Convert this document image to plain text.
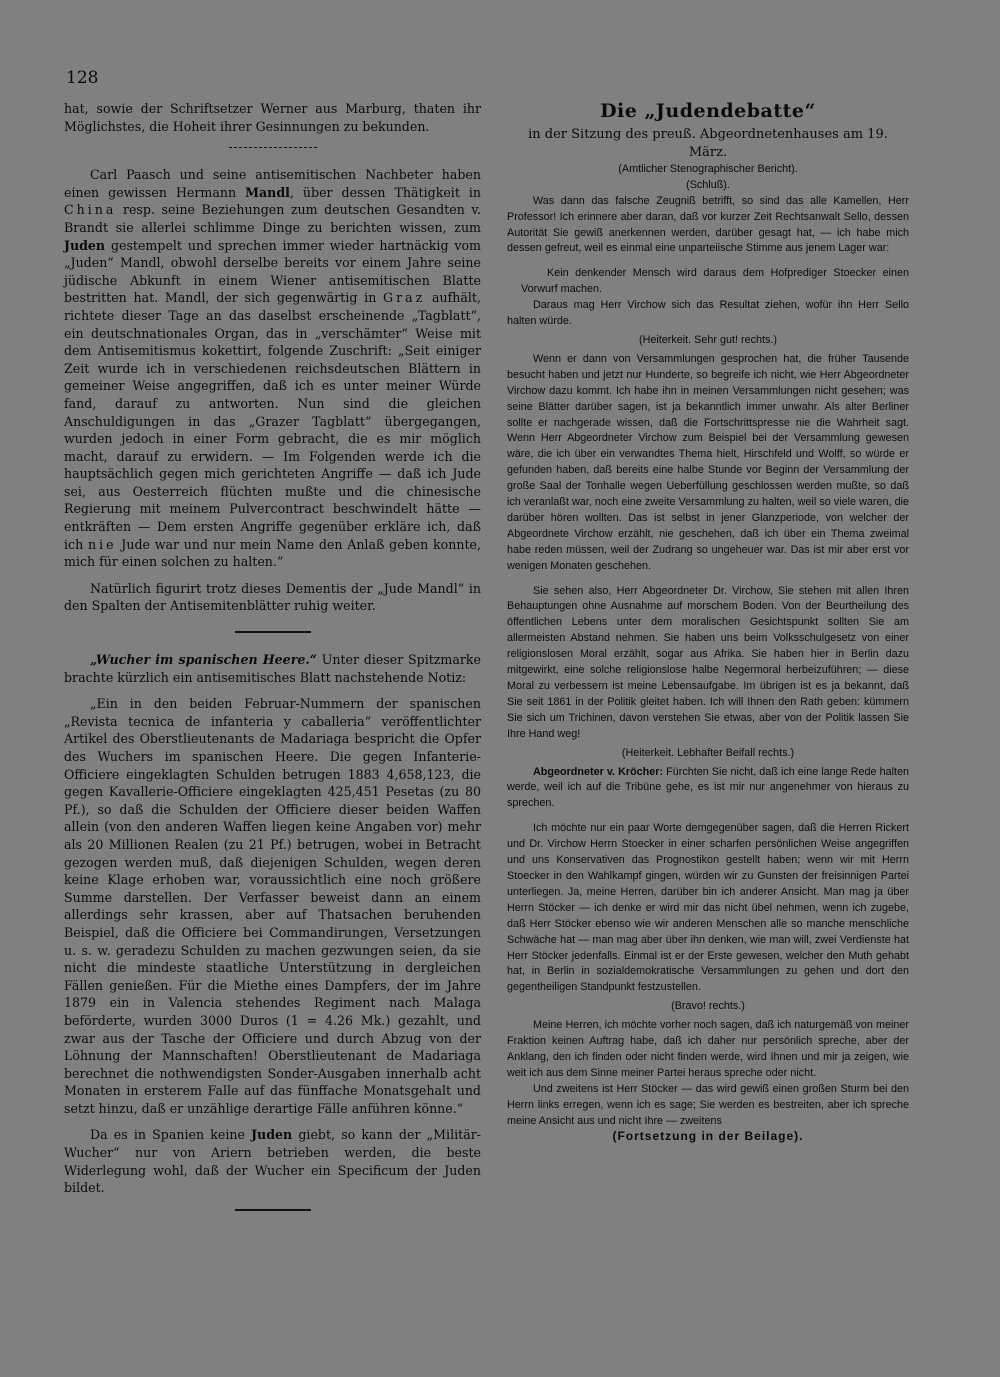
128

hat, sowie der Schriftsetzer Werner aus Marburg, thaten ihr Möglichstes, die Hoheit ihrer Gesinnungen zu bekunden.

Carl Paasch und seine antisemitischen Nachbeter haben einen gewissen Hermann Mandl, über dessen Thätigkeit in China resp. seine Beziehungen zum deutschen Gesandten v. Brandt sie allerlei schlimme Dinge zu berichten wissen, zum Juden gestempelt und sprechen immer wieder hartnäckig vom „Juden“ Mandl, obwohl derselbe bereits vor einem Jahre seine jüdische Abkunft in einem Wiener antisemitischen Blatte bestritten hat. Mandl, der sich gegenwärtig in Graz aufhält, richtete dieser Tage an das daselbst erscheinende „Tagblatt“, ein deutschnationales Organ, das in „verschämter“ Weise mit dem Antisemitismus kokettirt, folgende Zuschrift: „Seit einiger Zeit wurde ich in verschiedenen reichsdeutschen Blättern in gemeiner Weise angegriffen, daß ich es unter meiner Würde fand, darauf zu antworten. Nun sind die gleichen Anschuldigungen in das „Grazer Tagblatt“ übergegangen, wurden jedoch in einer Form gebracht, die es mir möglich macht, darauf zu erwidern. — Im Folgenden werde ich die hauptsächlich gegen mich gerichteten Angriffe — daß ich Jude sei, aus Oesterreich flüchten mußte und die chinesische Regierung mit meinem Pulvercontract beschwindelt hätte — entkräften — Dem ersten Angriffe gegenüber erkläre ich, daß ich nie Jude war und nur mein Name den Anlaß geben konnte, mich für einen solchen zu halten.“

Natürlich figurirt trotz dieses Dementis der „Jude Mandl“ in den Spalten der Antisemitenblätter ruhig weiter.

„Wucher im spanischen Heere.“ Unter dieser Spitzmarke brachte kürzlich ein antisemitisches Blatt nachstehende Notiz:

„Ein in den beiden Februar-Nummern der spanischen „Revista tecnica de infanteria y caballeria“ veröffentlichter Artikel des Oberstlieutenants de Madariaga bespricht die Opfer des Wuchers im spanischen Heere. Die gegen Infanterie-Officiere eingeklagten Schulden betrugen 1883 4,658,123, die gegen Kavallerie-Officiere eingeklagten 425,451 Pesetas (zu 80 Pf.), so daß die Schulden der Officiere dieser beiden Waffen allein (von den anderen Waffen liegen keine Angaben vor) mehr als 20 Millionen Realen (zu 21 Pf.) betrugen, wobei in Betracht gezogen werden muß, daß diejenigen Schulden, wegen deren keine Klage erhoben war, voraussichtlich eine noch größere Summe darstellen. Der Verfasser beweist dann an einem allerdings sehr krassen, aber auf Thatsachen beruhenden Beispiel, daß die Officiere bei Commandirungen, Versetzungen u. s. w. geradezu Schulden zu machen gezwungen seien, da sie nicht die mindeste staatliche Unterstützung in dergleichen Fällen genießen. Für die Miethe eines Dampfers, der im Jahre 1879 ein in Valencia stehendes Regiment nach Malaga beförderte, wurden 3000 Duros (1 = 4.26 Mk.) gezahlt, und zwar aus der Tasche der Officiere und durch Abzug von der Löhnung der Mannschaften! Oberstlieutenant de Madariaga berechnet die nothwendigsten Sonder-Ausgaben innerhalb acht Monaten in ersterem Falle auf das fünffache Monatsgehalt und setzt hinzu, daß er unzählige derartige Fälle anführen könne.“

Da es in Spanien keine Juden giebt, so kann der „Militär-Wucher“ nur von Ariern betrieben werden, die beste Widerlegung wohl, daß der Wucher ein Specificum der Juden bildet.

Die „Judendebatte“
in der Sitzung des preuß. Abgeordnetenhauses am 19. März.
(Amtlicher Stenographischer Bericht).
(Schluß).

Was dann das falsche Zeugniß betrifft, so sind das alle Kamellen, Herr Professor! Ich erinnere aber daran, daß vor kurzer Zeit Rechtsanwalt Sello, dessen Autorität Sie gewiß anerkennen werden, darüber gesagt hat, — ich habe mich dessen gefreut, weil es einmal eine unparteiische Stimme aus jenem Lager war:

Kein denkender Mensch wird daraus dem Hofprediger Stoecker einen Vorwurf machen.

Daraus mag Herr Virchow sich das Resultat ziehen, wofür ihn Herr Sello halten würde.

(Heiterkeit. Sehr gut! rechts.)

Wenn er dann von Versammlungen gesprochen hat, die früher Tausende besucht haben und jetzt nur Hunderte, so begreife ich nicht, wie Herr Abgeordneter Virchow dazu kommt. Ich habe ihn in meinen Versammlungen nicht gesehen; was seine Blätter darüber sagen, ist ja bekanntlich immer unwahr. Als alter Berliner sollte er nachgerade wissen, daß die Fortschrittspresse nie die Wahrheit sagt. Wenn Herr Abgeordneter Virchow zum Beispiel bei der Versammlung gewesen wäre, die ich über ein verwandtes Thema hielt, Hirschfeld und Wolff, so würde er gefunden haben, daß bereits eine halbe Stunde vor Beginn der Versammlung der große Saal der Tonhalle wegen Ueberfüllung geschlossen werden mußte, so daß ich veranlaßt war, noch eine zweite Versammlung zu halten, weil so viele waren, die darüber hören wollten. Das ist selbst in jener Glanzperiode, von welcher der Abgeordnete Virchow erzählt, nie geschehen, daß ich über ein Thema zweimal habe reden müssen, weil der Zudrang so ungeheuer war. Das ist mir aber erst vor wenigen Monaten geschehen.

Sie sehen also, Herr Abgeordneter Dr. Virchow, Sie stehen mit allen Ihren Behauptungen ohne Ausnahme auf morschem Boden. Von der Beurtheilung des öffentlichen Lebens unter dem moralischen Gesichtspunkt sollten Sie am allermeisten Abstand nehmen. Sie haben uns beim Volksschulgesetz von einer religionslosen Moral erzählt, sogar aus Afrika. Sie haben hier in Berlin dazu mitgewirkt, eine solche religionslose halbe Negermoral herbeizuführen; — diese Moral zu verbessern ist meine Lebensaufgabe. Im übrigen ist es ja bekannt, daß Sie seit 1861 in der Politik gleitet haben. Ich will Ihnen den Rath geben: kümmern Sie sich um Trichinen, davon verstehen Sie etwas, aber von der Politik lassen Sie Ihre Hand weg!

(Heiterkeit. Lebhafter Beifall rechts.)

Abgeordneter v. Kröcher: Fürchten Sie nicht, daß ich eine lange Rede halten werde, weil ich auf die Tribüne gehe, es ist mir nur angenehmer von hieraus zu sprechen.

Ich möchte nur ein paar Worte demgegenüber sagen, daß die Herren Rickert und Dr. Virchow Herrn Stoecker in einer scharfen persönlichen Weise angegriffen und uns Konservativen das Prognostikon gestellt haben; wenn wir mit Herrn Stoecker in den Wahlkampf gingen, würden wir zu Gunsten der freisinnigen Partei unterliegen. Ja, meine Herren, darüber bin ich anderer Ansicht. Man mag ja über Herrn Stöcker — ich denke er wird mir das nicht übel nehmen, wenn ich zugebe, daß Herr Stöcker ebenso wie wir anderen Menschen alle so manche menschliche Schwäche hat — man mag aber über ihn denken, wie man will, zwei Verdienste hat Herr Stöcker jedenfalls. Einmal ist er der Erste gewesen, welcher den Muth gehabt hat, in Berlin in sozialdemokratische Versammlungen zu gehen und dort den gegentheiligen Standpunkt festzustellen.

(Bravo! rechts.)

Meine Herren, ich möchte vorher noch sagen, daß ich naturgemäß von meiner Fraktion keinen Auftrag habe, daß ich daher nur persönlich spreche, aber der Anklang, den ich finden oder nicht finden werde, wird Ihnen und mir ja zeigen, wie weit ich aus dem Sinne meiner Partei heraus spreche oder nicht.

Und zweitens ist Herr Stöcker — das wird gewiß einen großen Sturm bei den Herrn links erregen, wenn ich es sage; Sie werden es bestreiten, aber ich spreche meine Ansicht aus und nicht Ihre — zweitens

(Fortsetzung in der Beilage).
